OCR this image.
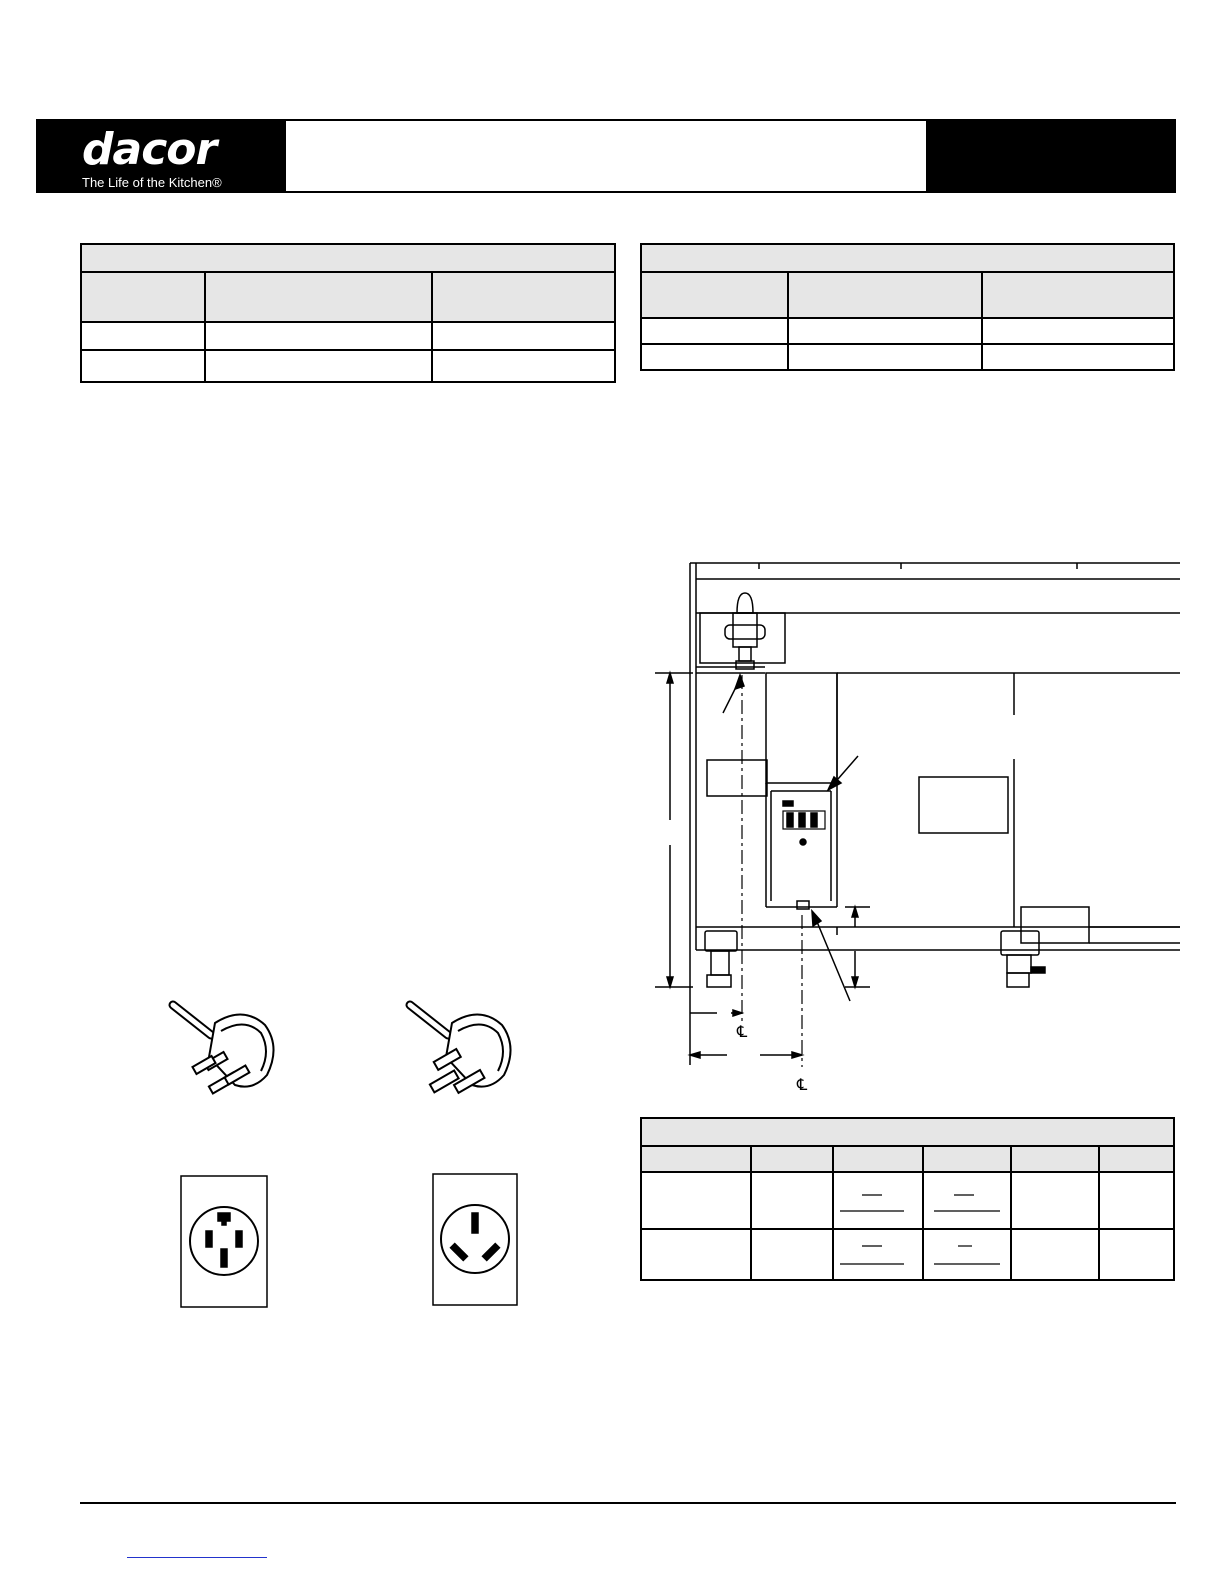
dacor
The Life of the Kitchen®

℄
℄
